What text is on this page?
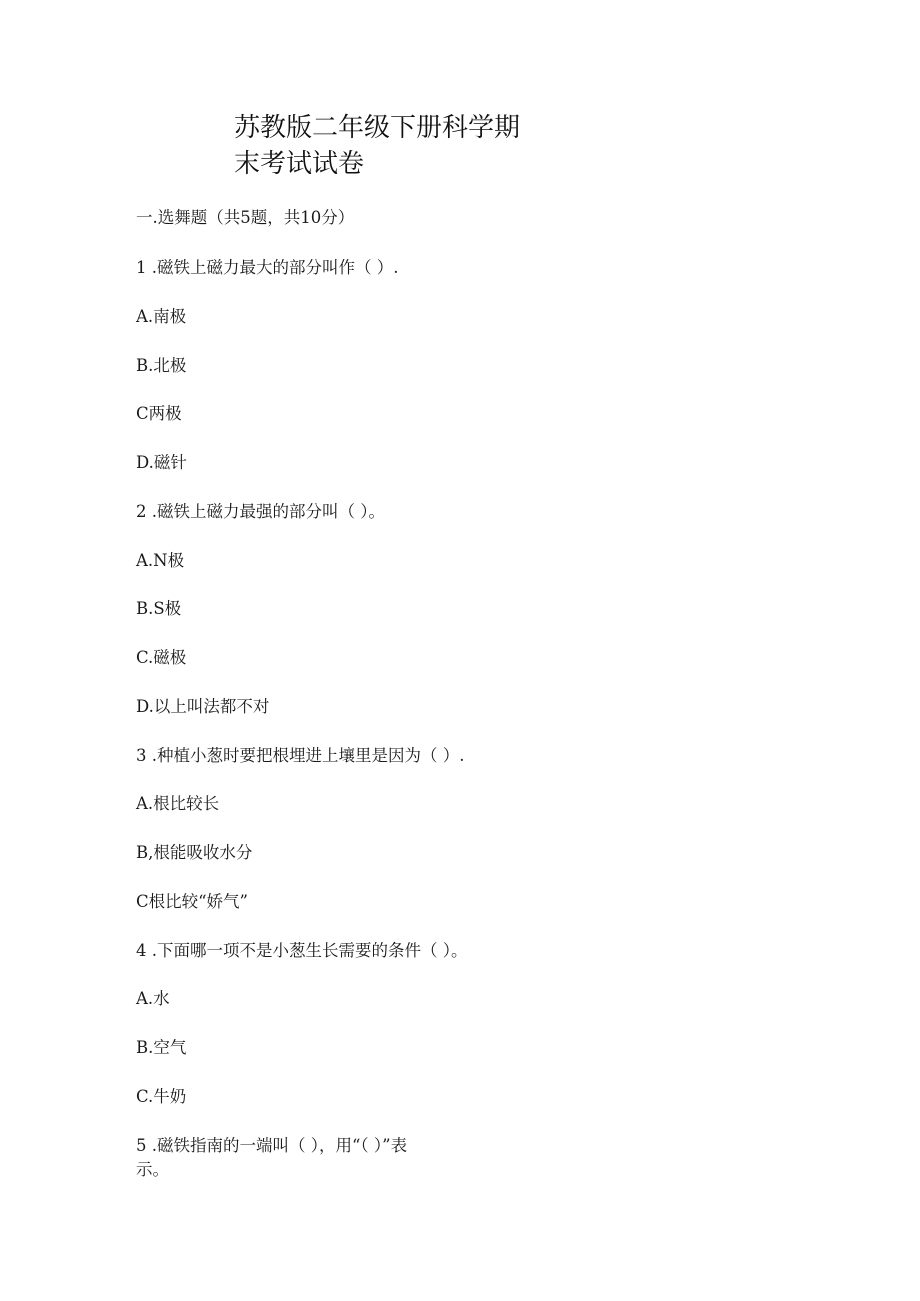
苏教版二年级下册科学期
末考试试卷
一.选舞题（共5题，共10分）
1 .磁铁上磁力最大的部分叫作（ ）.
A.南极
B.北极
C两极
D.磁针
2 .磁铁上磁力最强的部分叫（ ）。
A.N极
B.S极
C.磁极
D.以上叫法都不对
3 .种植小葱时要把根埋进上壤里是因为（ ）.
A.根比较长
B,根能吸收水分
C根比较“娇气”
4 .下面哪一项不是小葱生长需要的条件（ ）。
A.水
B.空气
C.牛奶
5 .磁铁指南的一端叫（ ），用“（ ）”表
示。
